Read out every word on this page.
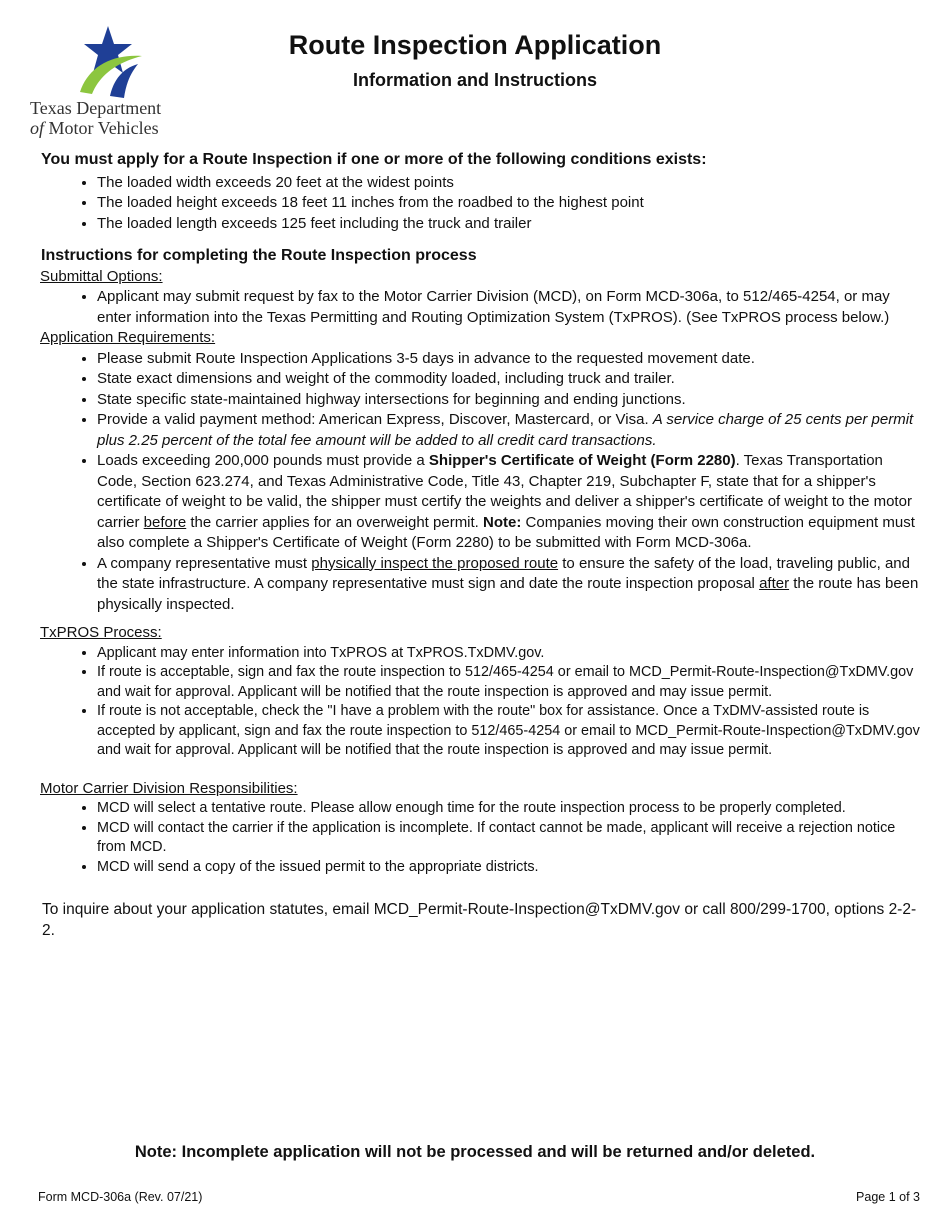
Texas Department
of Motor Vehicles
Route Inspection Application
Information and Instructions
You must apply for a Route Inspection if one or more of the following conditions exists:
• The loaded width exceeds 20 feet at the widest points
• The loaded height exceeds 18 feet 11 inches from the roadbed to the highest point
• The loaded length exceeds 125 feet including the truck and trailer
Instructions for completing the Route Inspection process
Submittal Options:
• Applicant may submit request by fax to the Motor Carrier Division (MCD), on Form MCD-306a, to 512/465-4254, or may enter information into the Texas Permitting and Routing Optimization System (TxPROS). (See TxPROS process below.)
Application Requirements:
• Please submit Route Inspection Applications 3-5 days in advance to the requested movement date.
• State exact dimensions and weight of the commodity loaded, including truck and trailer.
• State specific state-maintained highway intersections for beginning and ending junctions.
• Provide a valid payment method: American Express, Discover, Mastercard, or Visa. A service charge of 25 cents per permit plus 2.25 percent of the total fee amount will be added to all credit card transactions.
• Loads exceeding 200,000 pounds must provide a Shipper's Certificate of Weight (Form 2280). Texas Transportation Code, Section 623.274, and Texas Administrative Code, Title 43, Chapter 219, Subchapter F, state that for a shipper's certificate of weight to be valid, the shipper must certify the weights and deliver a shipper's certificate of weight to the motor carrier before the carrier applies for an overweight permit. Note: Companies moving their own construction equipment must also complete a Shipper's Certificate of Weight (Form 2280) to be submitted with Form MCD-306a.
• A company representative must physically inspect the proposed route to ensure the safety of the load, traveling public, and the state infrastructure. A company representative must sign and date the route inspection proposal after the route has been physically inspected.
TxPROS Process:
• Applicant may enter information into TxPROS at TxPROS.TxDMV.gov.
• If route is acceptable, sign and fax the route inspection to 512/465-4254 or email to MCD_Permit-Route-Inspection@TxDMV.gov and wait for approval. Applicant will be notified that the route inspection is approved and may issue permit.
• If route is not acceptable, check the "I have a problem with the route" box for assistance. Once a TxDMV-assisted route is accepted by applicant, sign and fax the route inspection to 512/465-4254 or email to MCD_Permit-Route-Inspection@TxDMV.gov and wait for approval. Applicant will be notified that the route inspection is approved and may issue permit.
Motor Carrier Division Responsibilities:
• MCD will select a tentative route. Please allow enough time for the route inspection process to be properly completed.
• MCD will contact the carrier if the application is incomplete. If contact cannot be made, applicant will receive a rejection notice from MCD.
• MCD will send a copy of the issued permit to the appropriate districts.
To inquire about your application statutes, email MCD_Permit-Route-Inspection@TxDMV.gov or call 800/299-1700, options 2-2-2.
Note: Incomplete application will not be processed and will be returned and/or deleted.
Form MCD-306a (Rev. 07/21)	Page 1 of 3
